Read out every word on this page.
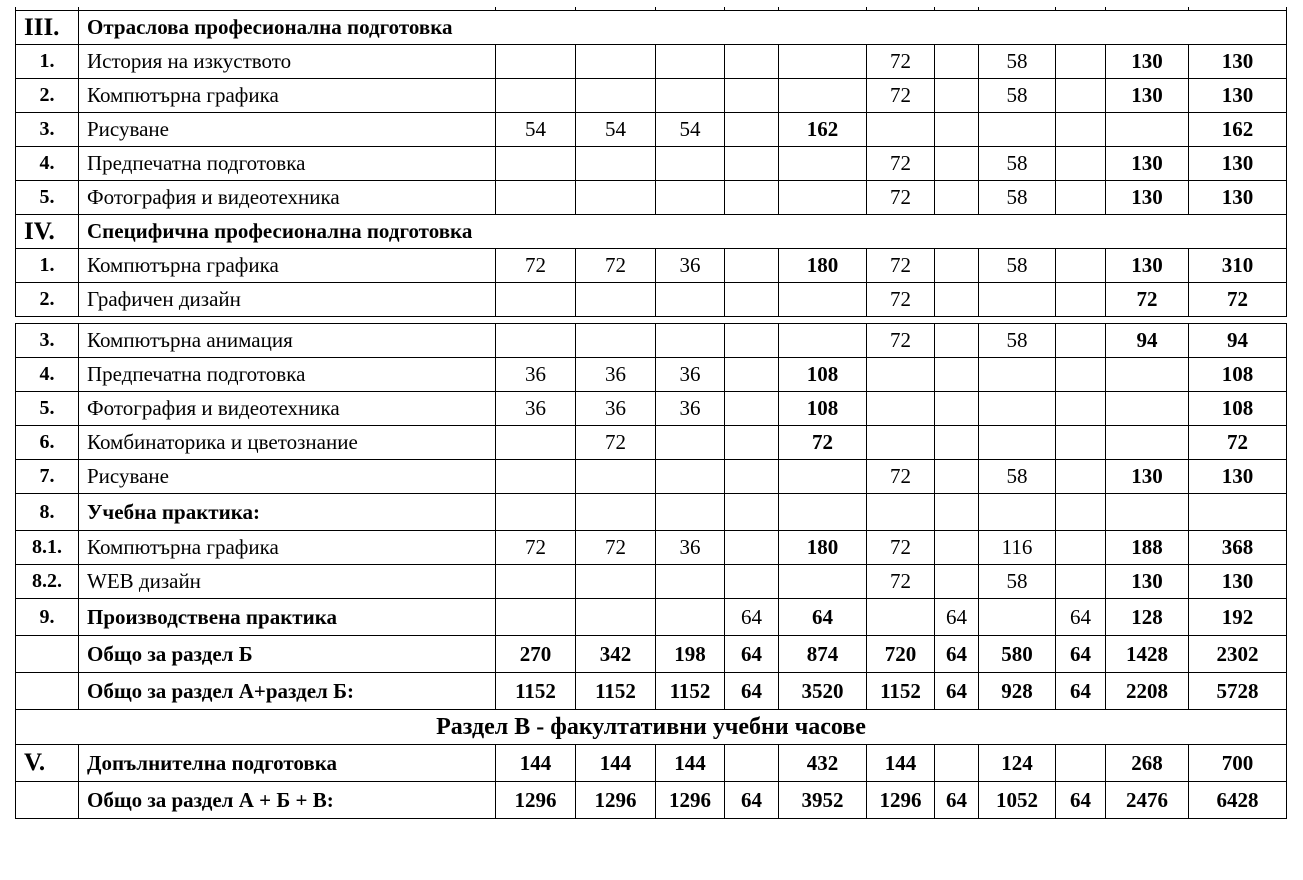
III.	Отраслова професионална подготовка											
1.	История на изкуството						72		58		130	130
2.	Компютърна графика						72		58		130	130
3.	Рисуване	54	54	54		162						162
4.	Предпечатна подготовка						72		58		130	130
5.	Фотография и видеотехника						72		58		130	130
IV.	Специфична професионална подготовка											
1.	Компютърна графика	72	72	36		180	72		58		130	310
2.	Графичен дизайн						72				72	72

3.	Компютърна анимация						72		58		94	94
4.	Предпечатна подготовка	36	36	36		108						108
5.	Фотография и видеотехника	36	36	36		108						108
6.	Комбинаторика и цветознание		72			72						72
7.	Рисуване						72		58		130	130
8.	Учебна практика:											
8.1.	Компютърна графика	72	72	36		180	72		116		188	368
8.2.	WEB дизайн						72		58		130	130
9.	Производствена практика				64	64		64		64	128	192
	Общо за раздел Б	270	342	198	64	874	720	64	580	64	1428	2302
	Общо за раздел А+раздел Б:	1152	1152	1152	64	3520	1152	64	928	64	2208	5728
Раздел В - факултативни учебни часове												
V.	Допълнителна подготовка	144	144	144		432	144		124		268	700
	Общо за раздел А + Б + В:	1296	1296	1296	64	3952	1296	64	1052	64	2476	6428
